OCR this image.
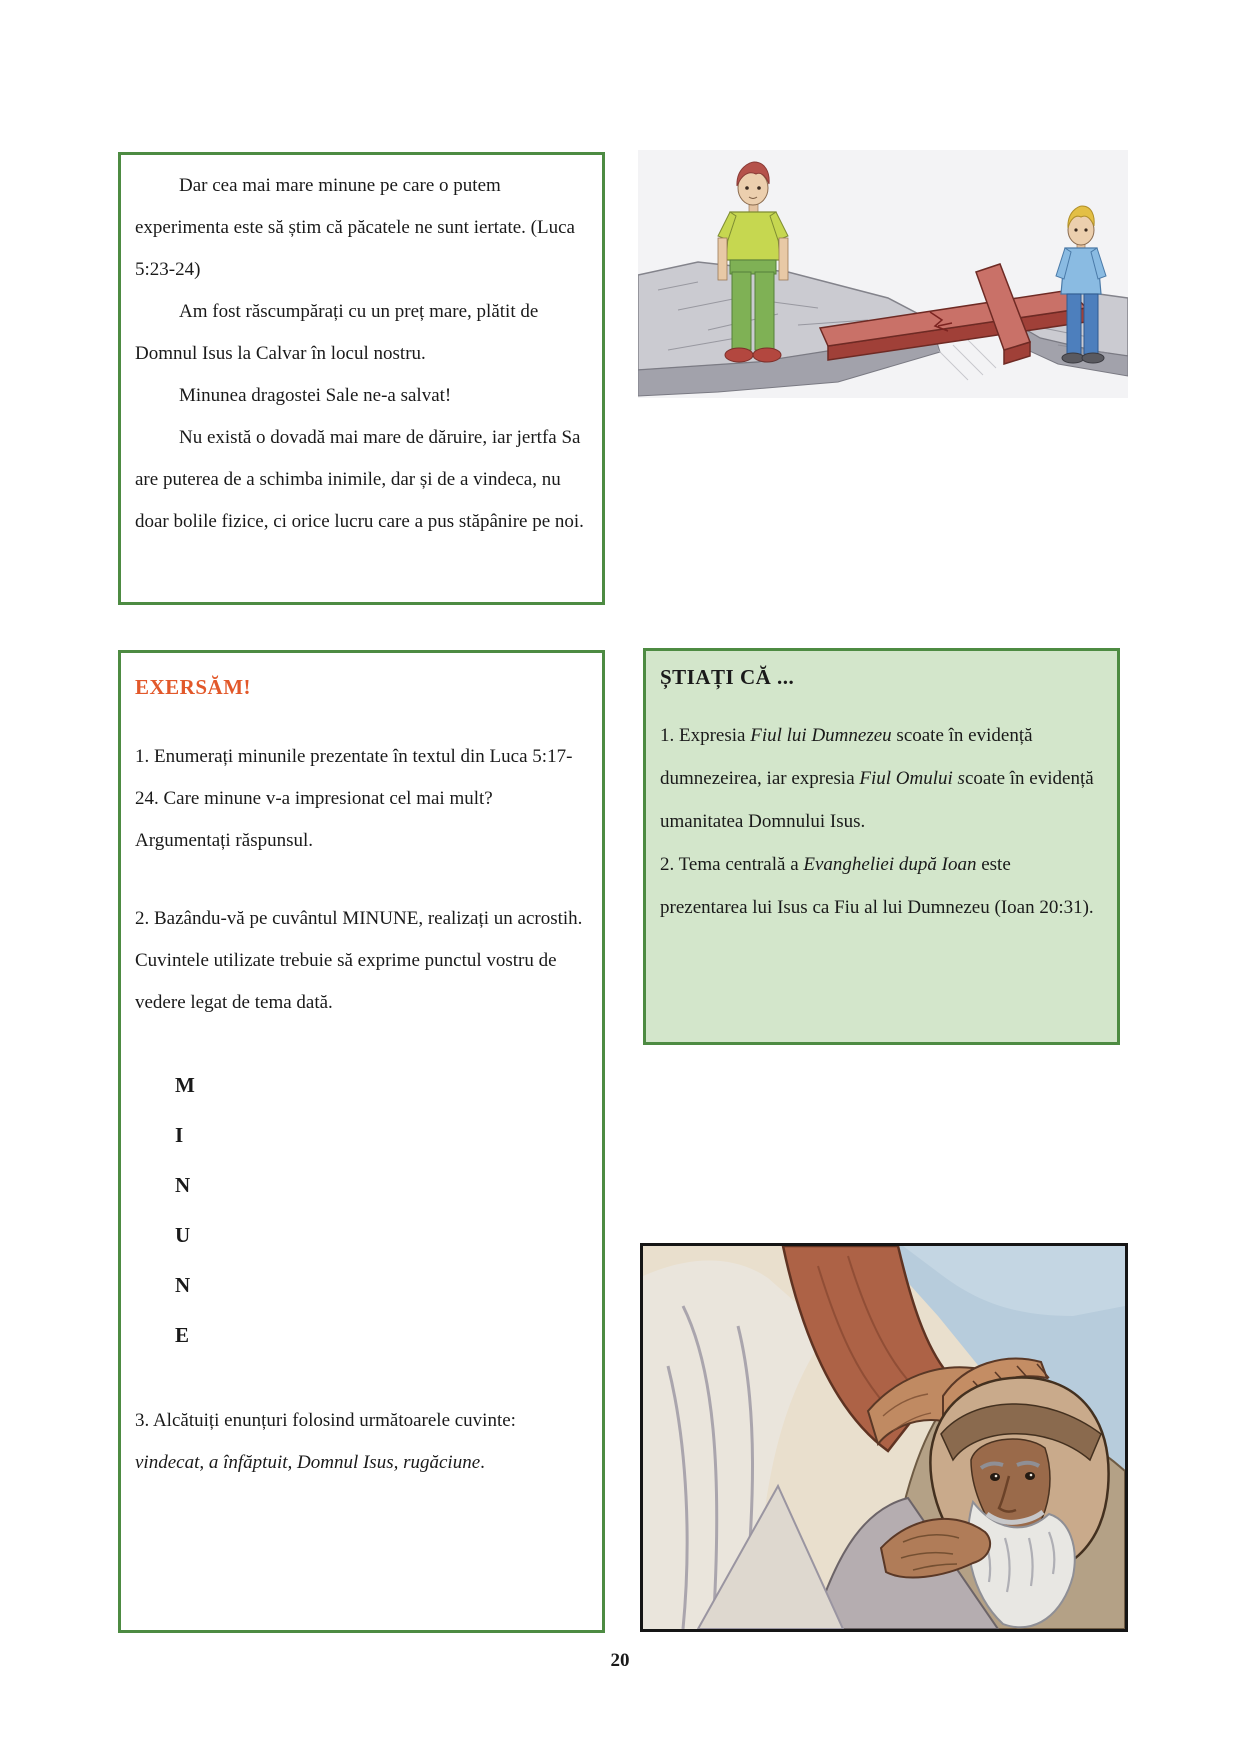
Dar cea mai mare minune pe care o putem experimenta este să știm că păcatele ne sunt iertate. (Luca 5:23-24)

Am fost răscumpărați cu un preț mare, plătit de Domnul Isus la Calvar în locul nostru.

Minunea dragostei Sale ne-a salvat!

Nu există o dovadă mai mare de dăruire, iar jertfa Sa are puterea de a schimba inimile, dar și de a vindeca, nu doar bolile fizice, ci orice lucru care a pus stăpânire pe noi.

EXERSĂM!

1. Enumerați minunile prezentate în textul din Luca 5:17-24. Care minune v-a impresionat cel mai mult? Argumentați răspunsul.

2. Bazându-vă pe cuvântul MINUNE, realizați un acrostih. Cuvintele utilizate trebuie să exprime punctul vostru de vedere legat de tema dată.

M
I
N
U
N
E

3. Alcătuiți enunțuri folosind următoarele cuvinte: vindecat, a înfăptuit, Domnul Isus, rugăciune.

ȘTIAȚI CĂ ...

1. Expresia Fiul lui Dumnezeu scoate în evidență dumnezeirea, iar expresia Fiul Omului scoate în evidență umanitatea Domnului Isus.

2. Tema centrală a Evangheliei după Ioan este prezentarea lui Isus ca Fiu al lui Dumnezeu (Ioan 20:31).

20
